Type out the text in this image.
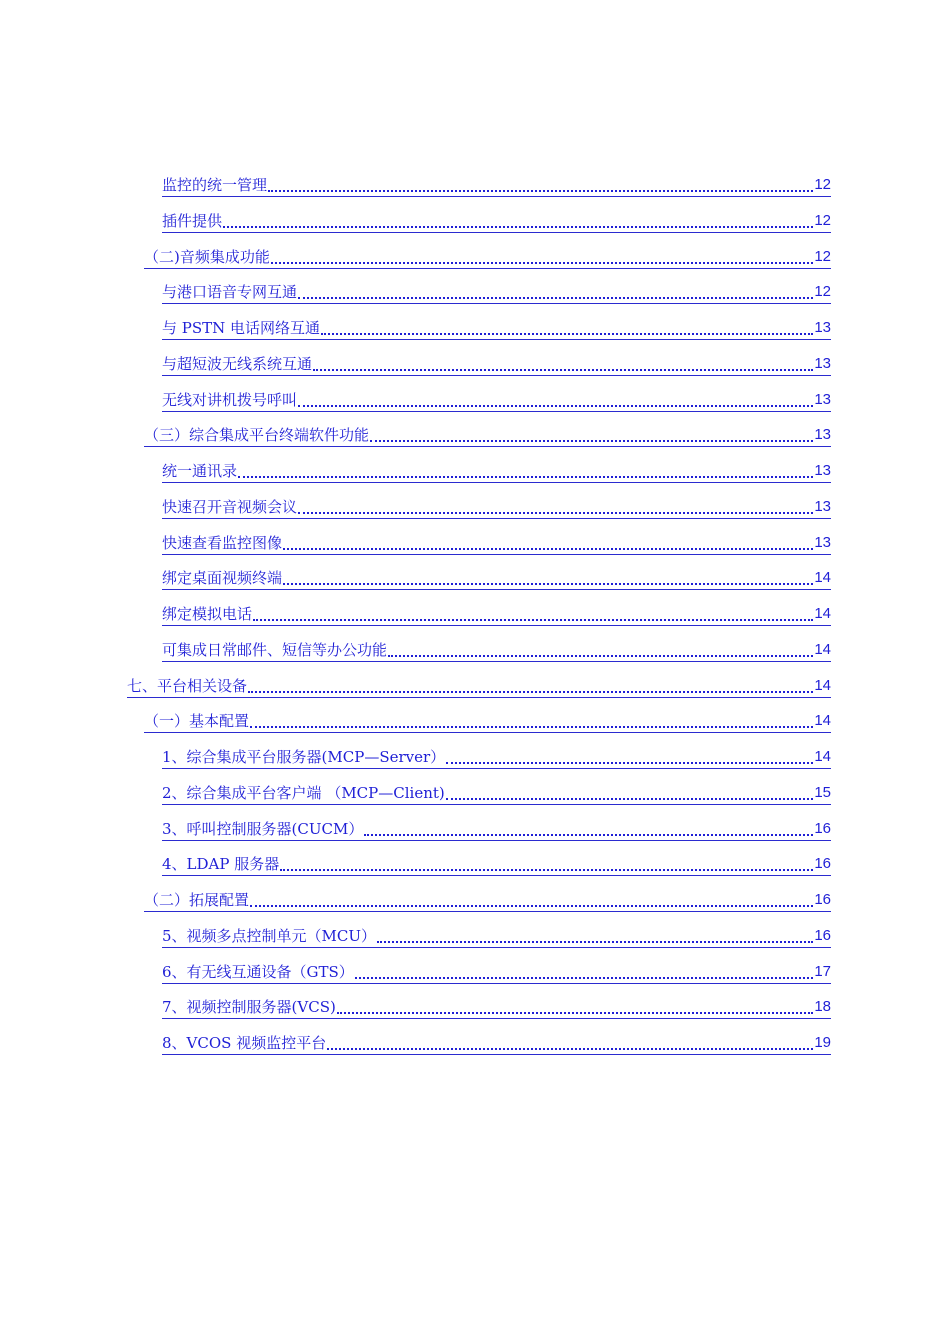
监控的统一管理	12
插件提供	12
（二)音频集成功能	12
与港口语音专网互通	12
与 PSTN 电话网络互通	13
与超短波无线系统互通	13
无线对讲机拨号呼叫	13
（三）综合集成平台终端软件功能	13
统一通讯录	13
快速召开音视频会议	13
快速查看监控图像	13
绑定桌面视频终端	14
绑定模拟电话	14
可集成日常邮件、短信等办公功能	14
七、平台相关设备	14
（一）基本配置	14
1、综合集成平台服务器(MCP—Server）	14
2、综合集成平台客户端 （MCP—Client)	15
3、呼叫控制服务器(CUCM）	16
4、LDAP 服务器	16
（二）拓展配置	16
5、视频多点控制单元（MCU）	16
6、有无线互通设备（GTS）	17
7、视频控制服务器(VCS)	18
8、VCOS 视频监控平台	19
